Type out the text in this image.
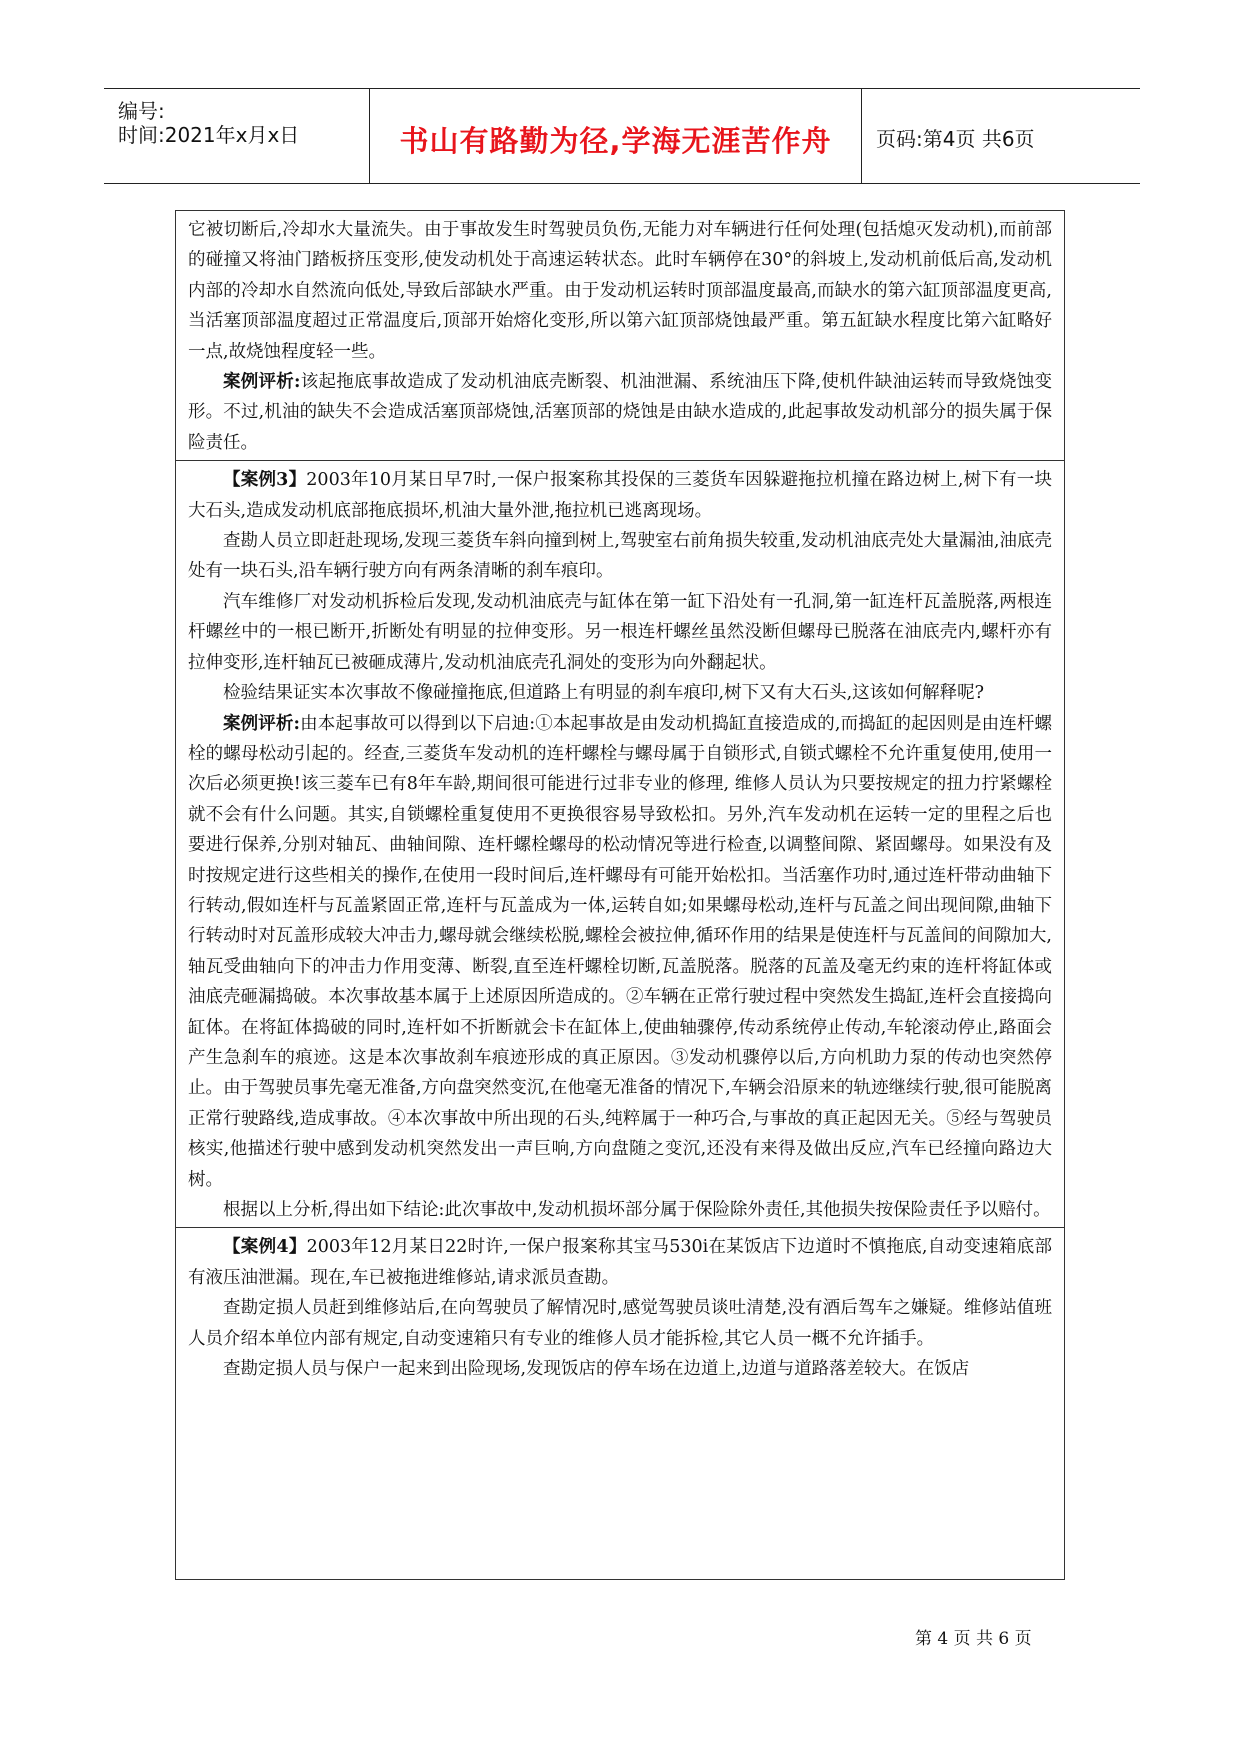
编号:
时间:2021年x月x日	书山有路勤为径,学海无涯苦作舟	页码:第4页 共6页

它被切断后,冷却水大量流失。由于事故发生时驾驶员负伤,无能力对车辆进行任何处理(包括熄灭发动机),而前部的碰撞又将油门踏板挤压变形,使发动机处于高速运转状态。此时车辆停在30°的斜坡上,发动机前低后高,发动机内部的冷却水自然流向低处,导致后部缺水严重。由于发动机运转时顶部温度最高,而缺水的第六缸顶部温度更高,当活塞顶部温度超过正常温度后,顶部开始熔化变形,所以第六缸顶部烧蚀最严重。第五缸缺水程度比第六缸略好一点,故烧蚀程度轻一些。

案例评析:该起拖底事故造成了发动机油底壳断裂、机油泄漏、系统油压下降,使机件缺油运转而导致烧蚀变形。不过,机油的缺失不会造成活塞顶部烧蚀,活塞顶部的烧蚀是由缺水造成的,此起事故发动机部分的损失属于保险责任。

【案例3】2003年10月某日早7时,一保户报案称其投保的三菱货车因躲避拖拉机撞在路边树上,树下有一块大石头,造成发动机底部拖底损坏,机油大量外泄,拖拉机已逃离现场。

查勘人员立即赶赴现场,发现三菱货车斜向撞到树上,驾驶室右前角损失较重,发动机油底壳处大量漏油,油底壳处有一块石头,沿车辆行驶方向有两条清晰的刹车痕印。

汽车维修厂对发动机拆检后发现,发动机油底壳与缸体在第一缸下沿处有一孔洞,第一缸连杆瓦盖脱落,两根连杆螺丝中的一根已断开,折断处有明显的拉伸变形。另一根连杆螺丝虽然没断但螺母已脱落在油底壳内,螺杆亦有拉伸变形,连杆轴瓦已被砸成薄片,发动机油底壳孔洞处的变形为向外翻起状。

检验结果证实本次事故不像碰撞拖底,但道路上有明显的刹车痕印,树下又有大石头,这该如何解释呢?

案例评析:由本起事故可以得到以下启迪:①本起事故是由发动机捣缸直接造成的,而捣缸的起因则是由连杆螺栓的螺母松动引起的。经查,三菱货车发动机的连杆螺栓与螺母属于自锁形式,自锁式螺栓不允许重复使用,使用一次后必须更换!该三菱车已有8年车龄,期间很可能进行过非专业的修理, 维修人员认为只要按规定的扭力拧紧螺栓就不会有什么问题。其实,自锁螺栓重复使用不更换很容易导致松扣。另外,汽车发动机在运转一定的里程之后也要进行保养,分别对轴瓦、曲轴间隙、连杆螺栓螺母的松动情况等进行检查,以调整间隙、紧固螺母。如果没有及时按规定进行这些相关的操作,在使用一段时间后,连杆螺母有可能开始松扣。当活塞作功时,通过连杆带动曲轴下行转动,假如连杆与瓦盖紧固正常,连杆与瓦盖成为一体,运转自如;如果螺母松动,连杆与瓦盖之间出现间隙,曲轴下行转动时对瓦盖形成较大冲击力,螺母就会继续松脱,螺栓会被拉伸,循环作用的结果是使连杆与瓦盖间的间隙加大,轴瓦受曲轴向下的冲击力作用变薄、断裂,直至连杆螺栓切断,瓦盖脱落。脱落的瓦盖及毫无约束的连杆将缸体或油底壳砸漏捣破。本次事故基本属于上述原因所造成的。②车辆在正常行驶过程中突然发生捣缸,连杆会直接捣向缸体。在将缸体捣破的同时,连杆如不折断就会卡在缸体上,使曲轴骤停,传动系统停止传动,车轮滚动停止,路面会产生急刹车的痕迹。这是本次事故刹车痕迹形成的真正原因。③发动机骤停以后,方向机助力泵的传动也突然停止。由于驾驶员事先毫无准备,方向盘突然变沉,在他毫无准备的情况下,车辆会沿原来的轨迹继续行驶,很可能脱离正常行驶路线,造成事故。④本次事故中所出现的石头,纯粹属于一种巧合,与事故的真正起因无关。⑤经与驾驶员核实,他描述行驶中感到发动机突然发出一声巨响,方向盘随之变沉,还没有来得及做出反应,汽车已经撞向路边大树。

根据以上分析,得出如下结论:此次事故中,发动机损坏部分属于保险除外责任,其他损失按保险责任予以赔付。

【案例4】2003年12月某日22时许,一保户报案称其宝马530i在某饭店下边道时不慎拖底,自动变速箱底部有液压油泄漏。现在,车已被拖进维修站,请求派员查勘。

查勘定损人员赶到维修站后,在向驾驶员了解情况时,感觉驾驶员谈吐清楚,没有酒后驾车之嫌疑。维修站值班人员介绍本单位内部有规定,自动变速箱只有专业的维修人员才能拆检,其它人员一概不允许插手。

查勘定损人员与保户一起来到出险现场,发现饭店的停车场在边道上,边道与道路落差较大。在饭店

第 4 页 共 6 页
